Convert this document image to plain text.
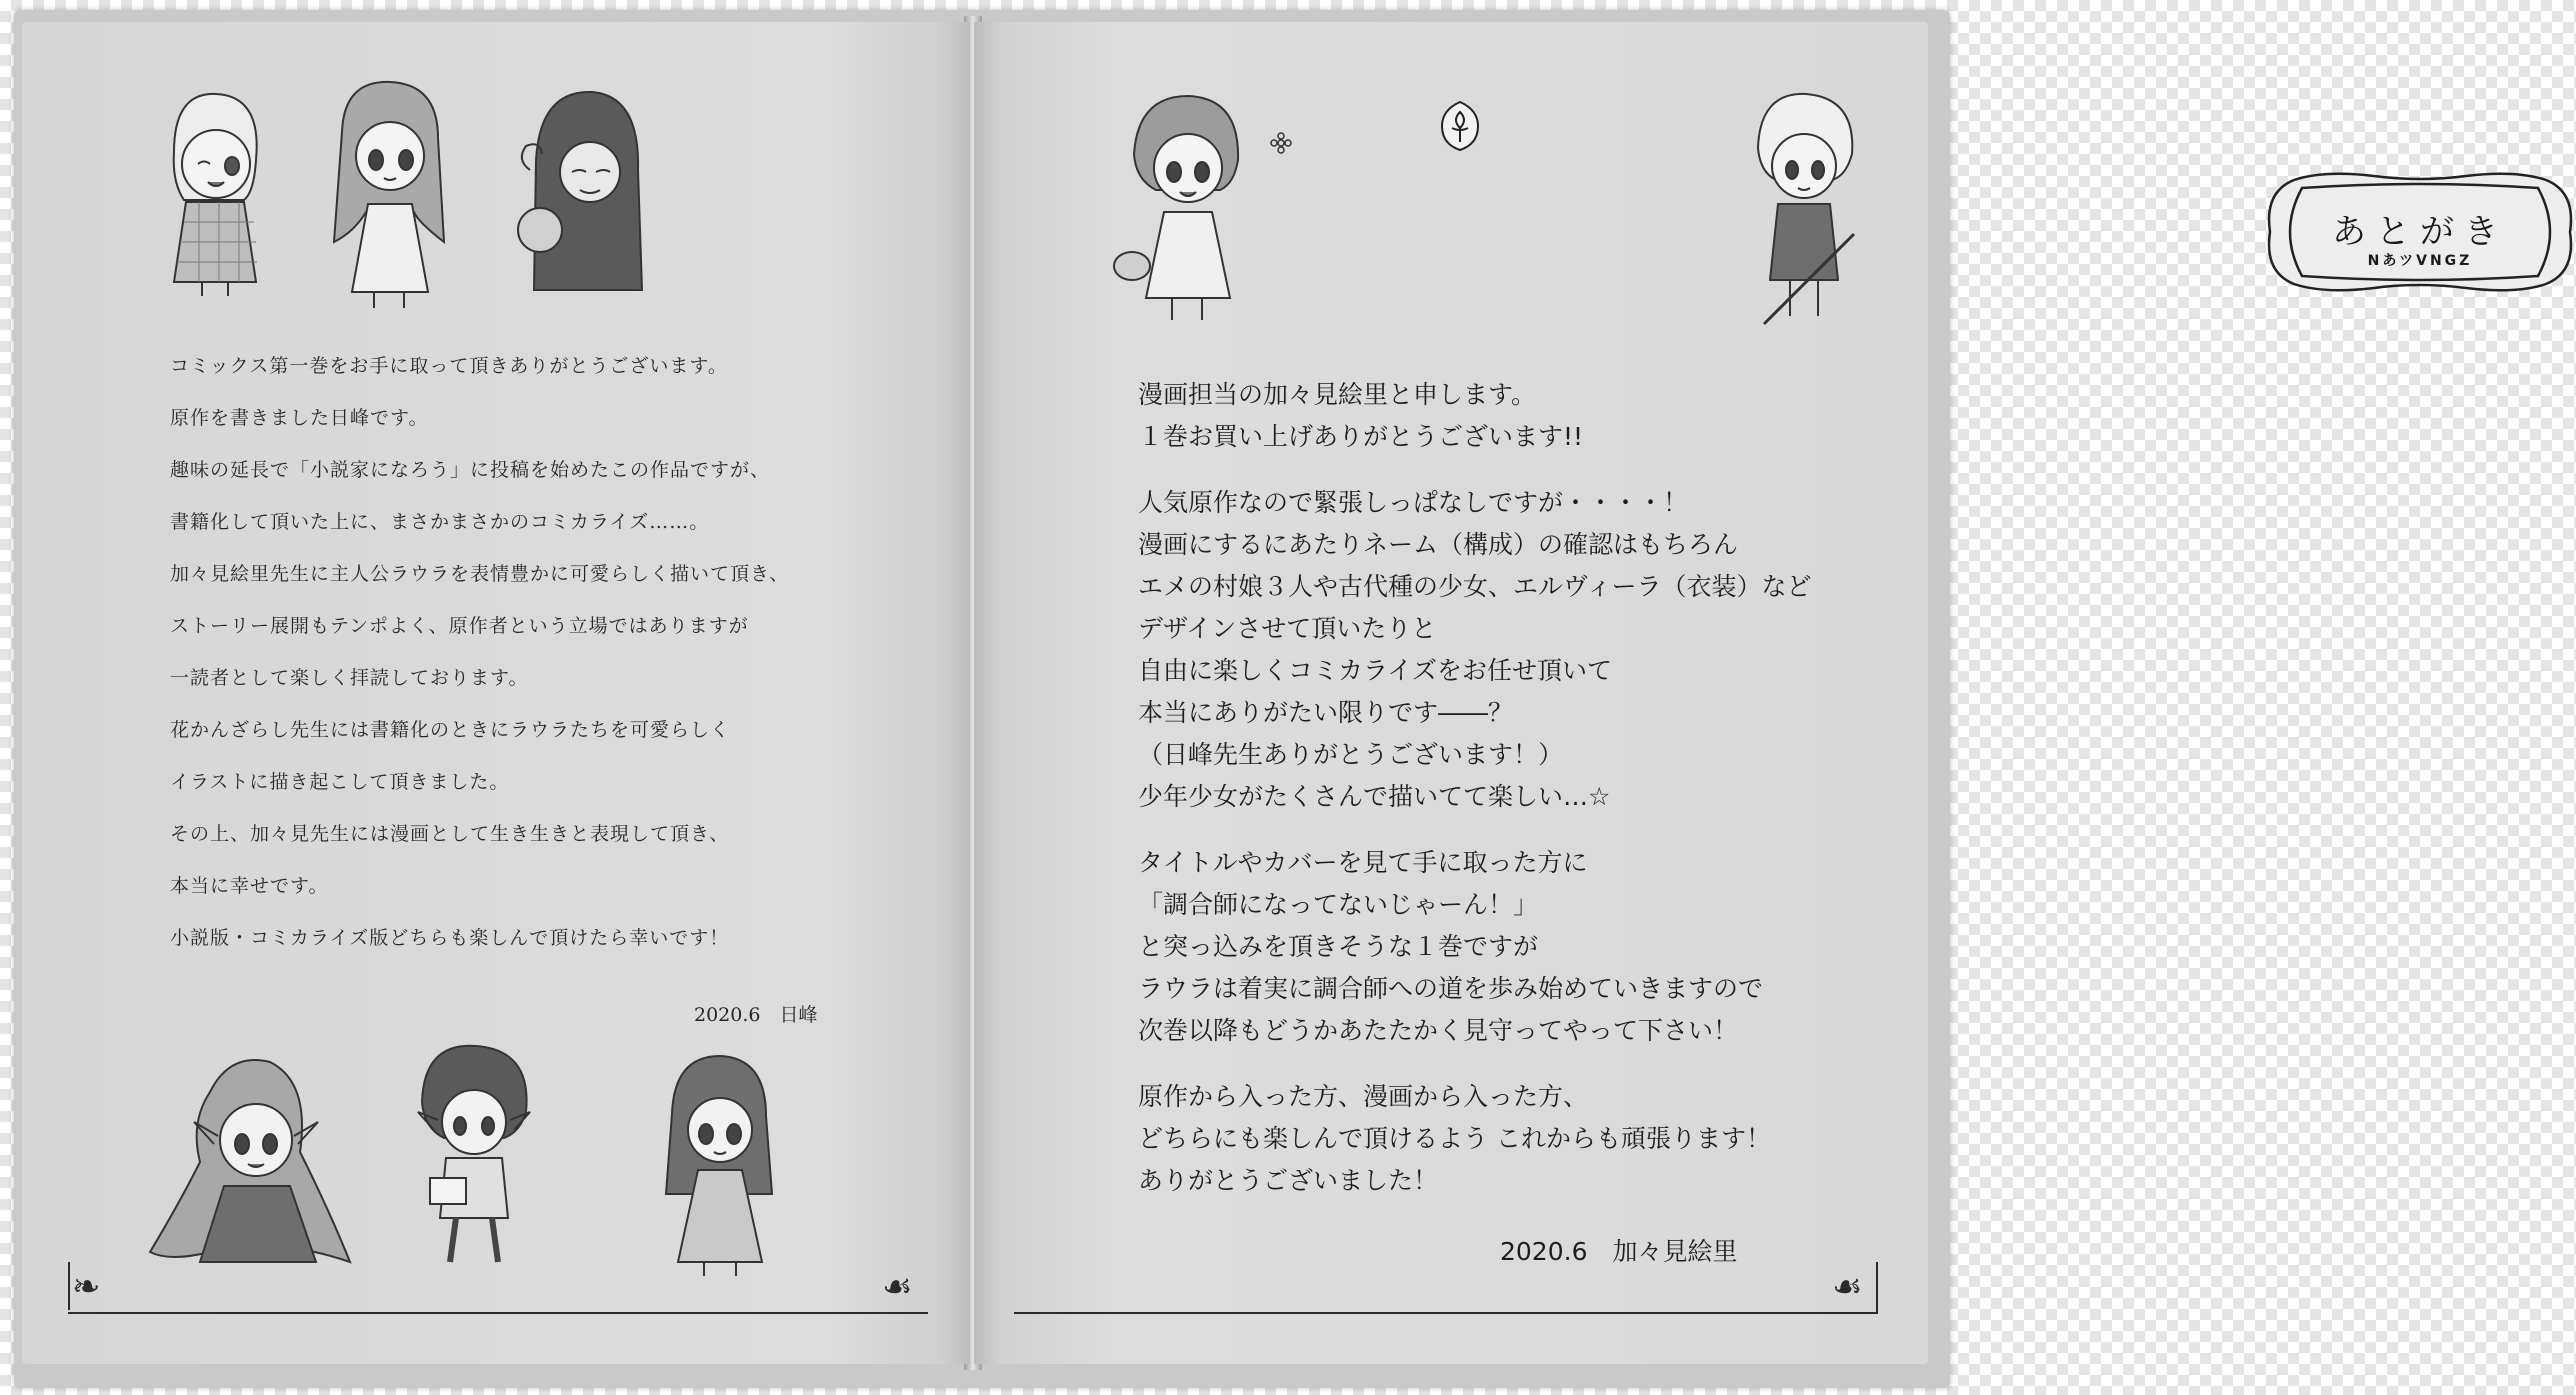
コミックス第一巻をお手に取って頂きありがとうございます。

原作を書きました日峰です。

趣味の延長で「小説家になろう」に投稿を始めたこの作品ですが、

書籍化して頂いた上に、まさかまさかのコミカライズ……。

加々見絵里先生に主人公ラウラを表情豊かに可愛らしく描いて頂き、

ストーリー展開もテンポよく、原作者という立場ではありますが

一読者として楽しく拝読しております。

花かんざらし先生には書籍化のときにラウラたちを可愛らしく

イラストに描き起こして頂きました。

その上、加々見先生には漫画として生き生きと表現して頂き、

本当に幸せです。

小説版・コミカライズ版どちらも楽しんで頂けたら幸いです！

2020.6　日峰
❧	☙
あとがき
NあツVNGZ

漫画担当の加々見絵里と申します。

１巻お買い上げありがとうございます!!

人気原作なので緊張しっぱなしですが・・・・！

漫画にするにあたりネーム（構成）の確認はもちろん

エメの村娘３人や古代種の少女、エルヴィーラ（衣装）など

デザインさせて頂いたりと

自由に楽しくコミカライズをお任せ頂いて

本当にありがたい限りです――？

（日峰先生ありがとうございます！）

少年少女がたくさんで描いてて楽しい…☆

タイトルやカバーを見て手に取った方に

「調合師になってないじゃーん！」

と突っ込みを頂きそうな１巻ですが

ラウラは着実に調合師への道を歩み始めていきますので

次巻以降もどうかあたたかく見守ってやって下さい！

原作から入った方、漫画から入った方、

どちらにも楽しんで頂けるよう これからも頑張ります！

ありがとうございました！

2020.6　加々見絵里
☙
